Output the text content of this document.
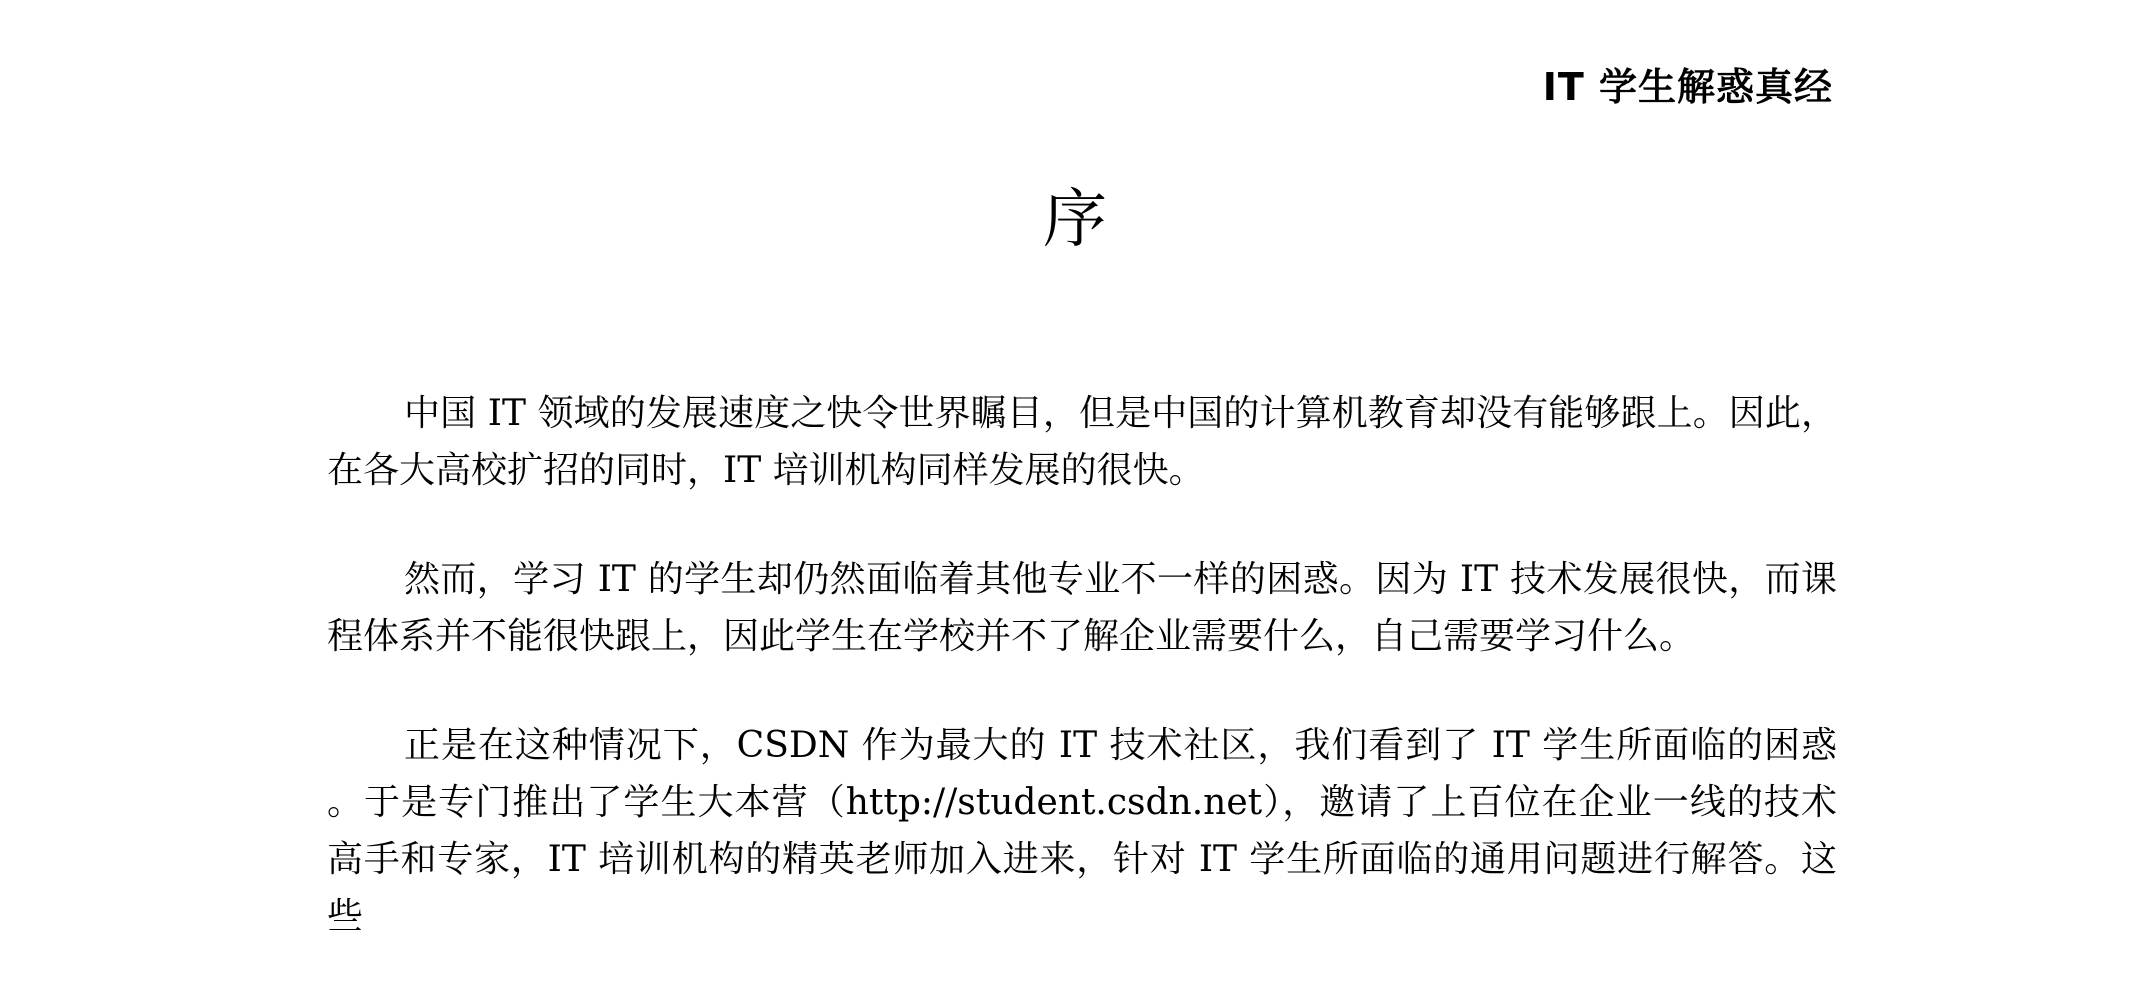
IT 学生解惑真经
序

中国 IT 领域的发展速度之快令世界瞩目，但是中国的计算机教育却没有能够跟上。因此，在各大高校扩招的同时，IT 培训机构同样发展的很快。

然而，学习 IT 的学生却仍然面临着其他专业不一样的困惑。因为 IT 技术发展很快，而课程体系并不能很快跟上，因此学生在学校并不了解企业需要什么，自己需要学习什么。

正是在这种情况下，CSDN 作为最大的 IT 技术社区，我们看到了 IT 学生所面临的困惑 。于是专门推出了学生大本营（http://student.csdn.net），邀请了上百位在企业一线的技术高手和专家，IT 培训机构的精英老师加入进来，针对 IT 学生所面临的通用问题进行解答。这些
